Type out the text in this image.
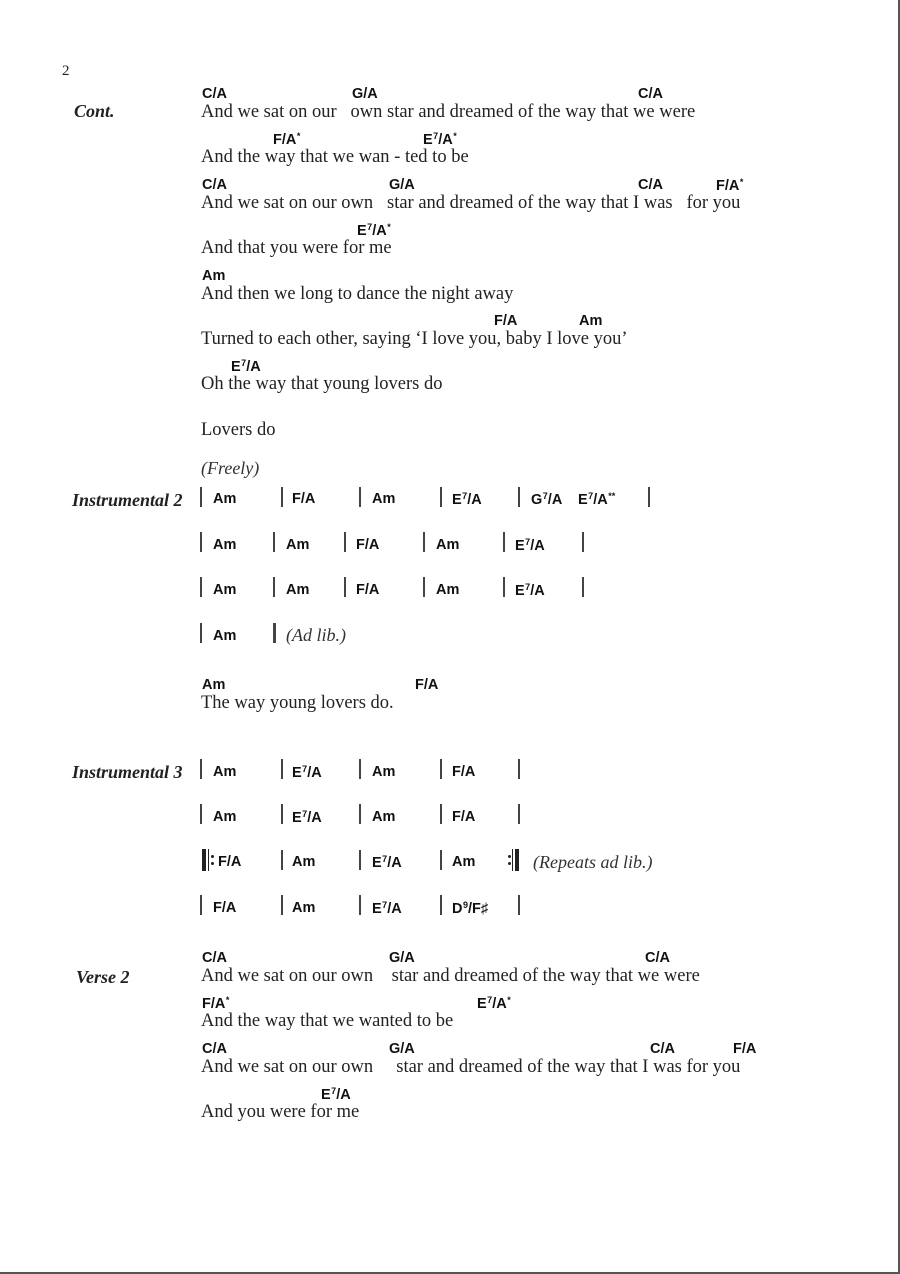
2
Cont.
C/A	G/A	C/A
And we sat on our   own star and dreamed of the way that we were
F/A*	$E^7/A^*$
And the way that we wan - ted to be
C/A	G/A	C/A	F/A*
And we sat on our own   star and dreamed of the way that I was   for you
$E^7/A^*$
And that you were for me
Am
And then we long to dance the night away
F/A	Am
Turned to each other, saying ‘I love you, baby I love you’
$E^7/A$
Oh the way that young lovers do
Lovers do
(Freely)
Instrumental 2 Am	F/A	Am	$E^7/A$	$G^7/A$ $E^7/A^{**}$
Am	Am	F/A	Am	$E^7/A$
Am	Am	F/A	Am	$E^7/A$
Am	(Ad lib.)
Am	F/A
The way young lovers do.
Instrumental 3 Am	$E^7/A$	Am	F/A
Am	$E^7/A$	Am	F/A
F/A	Am	$E^7/A$	Am	(Repeats ad lib.)
F/A	Am	$E^7/A$	$D^9/F♯$
Verse 2
C/A	G/A	C/A
And we sat on our own    star and dreamed of the way that we were
F/A*	$E^7/A^*$
And the way that we wanted to be
C/A	G/A	C/A	F/A
And we sat on our own     star and dreamed of the way that I was for you
$E^7/A$
And you were for me
